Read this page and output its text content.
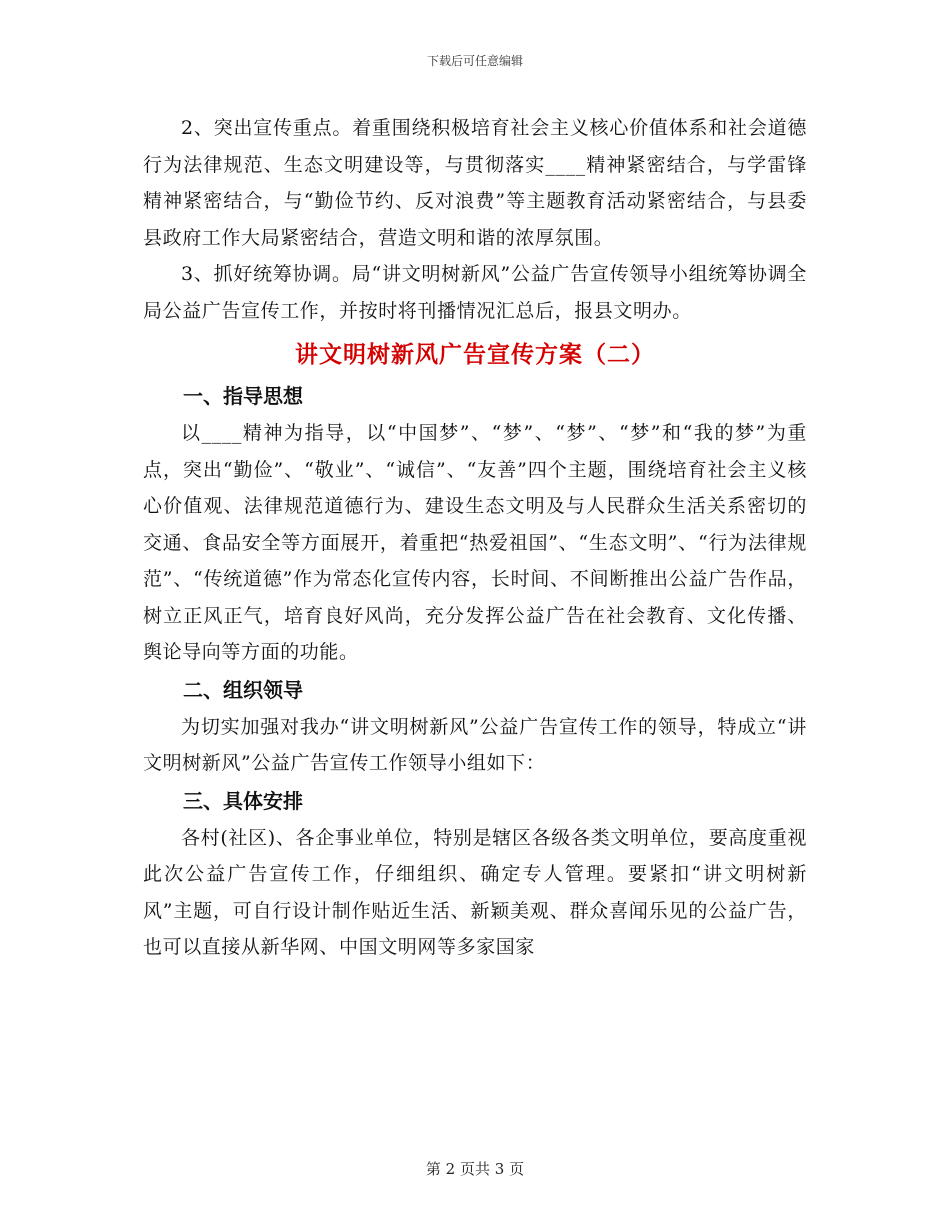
下载后可任意编辑

2、突出宣传重点。着重围绕积极培育社会主义核心价值体系和社会道德行为法律规范、生态文明建设等，与贯彻落实____精神紧密结合，与学雷锋精神紧密结合，与“勤俭节约、反对浪费”等主题教育活动紧密结合，与县委县政府工作大局紧密结合，营造文明和谐的浓厚氛围。

3、抓好统筹协调。局“讲文明树新风”公益广告宣传领导小组统筹协调全局公益广告宣传工作，并按时将刊播情况汇总后，报县文明办。

讲文明树新风广告宣传方案（二）
一、指导思想

以____精神为指导，以“中国梦”、“梦”、“梦”、“梦”和“我的梦”为重点，突出“勤俭”、“敬业”、“诚信”、“友善”四个主题，围绕培育社会主义核心价值观、法律规范道德行为、建设生态文明及与人民群众生活关系密切的交通、食品安全等方面展开，着重把“热爱祖国”、“生态文明”、“行为法律规范”、“传统道德”作为常态化宣传内容，长时间、不间断推出公益广告作品，树立正风正气，培育良好风尚，充分发挥公益广告在社会教育、文化传播、舆论导向等方面的功能。

二、组织领导

为切实加强对我办“讲文明树新风”公益广告宣传工作的领导，特成立“讲文明树新风”公益广告宣传工作领导小组如下：

三、具体安排

各村(社区)、各企事业单位，特别是辖区各级各类文明单位，要高度重视此次公益广告宣传工作，仔细组织、确定专人管理。要紧扣“讲文明树新风”主题，可自行设计制作贴近生活、新颖美观、群众喜闻乐见的公益广告，也可以直接从新华网、中国文明网等多家国家

第 2 页共 3 页
